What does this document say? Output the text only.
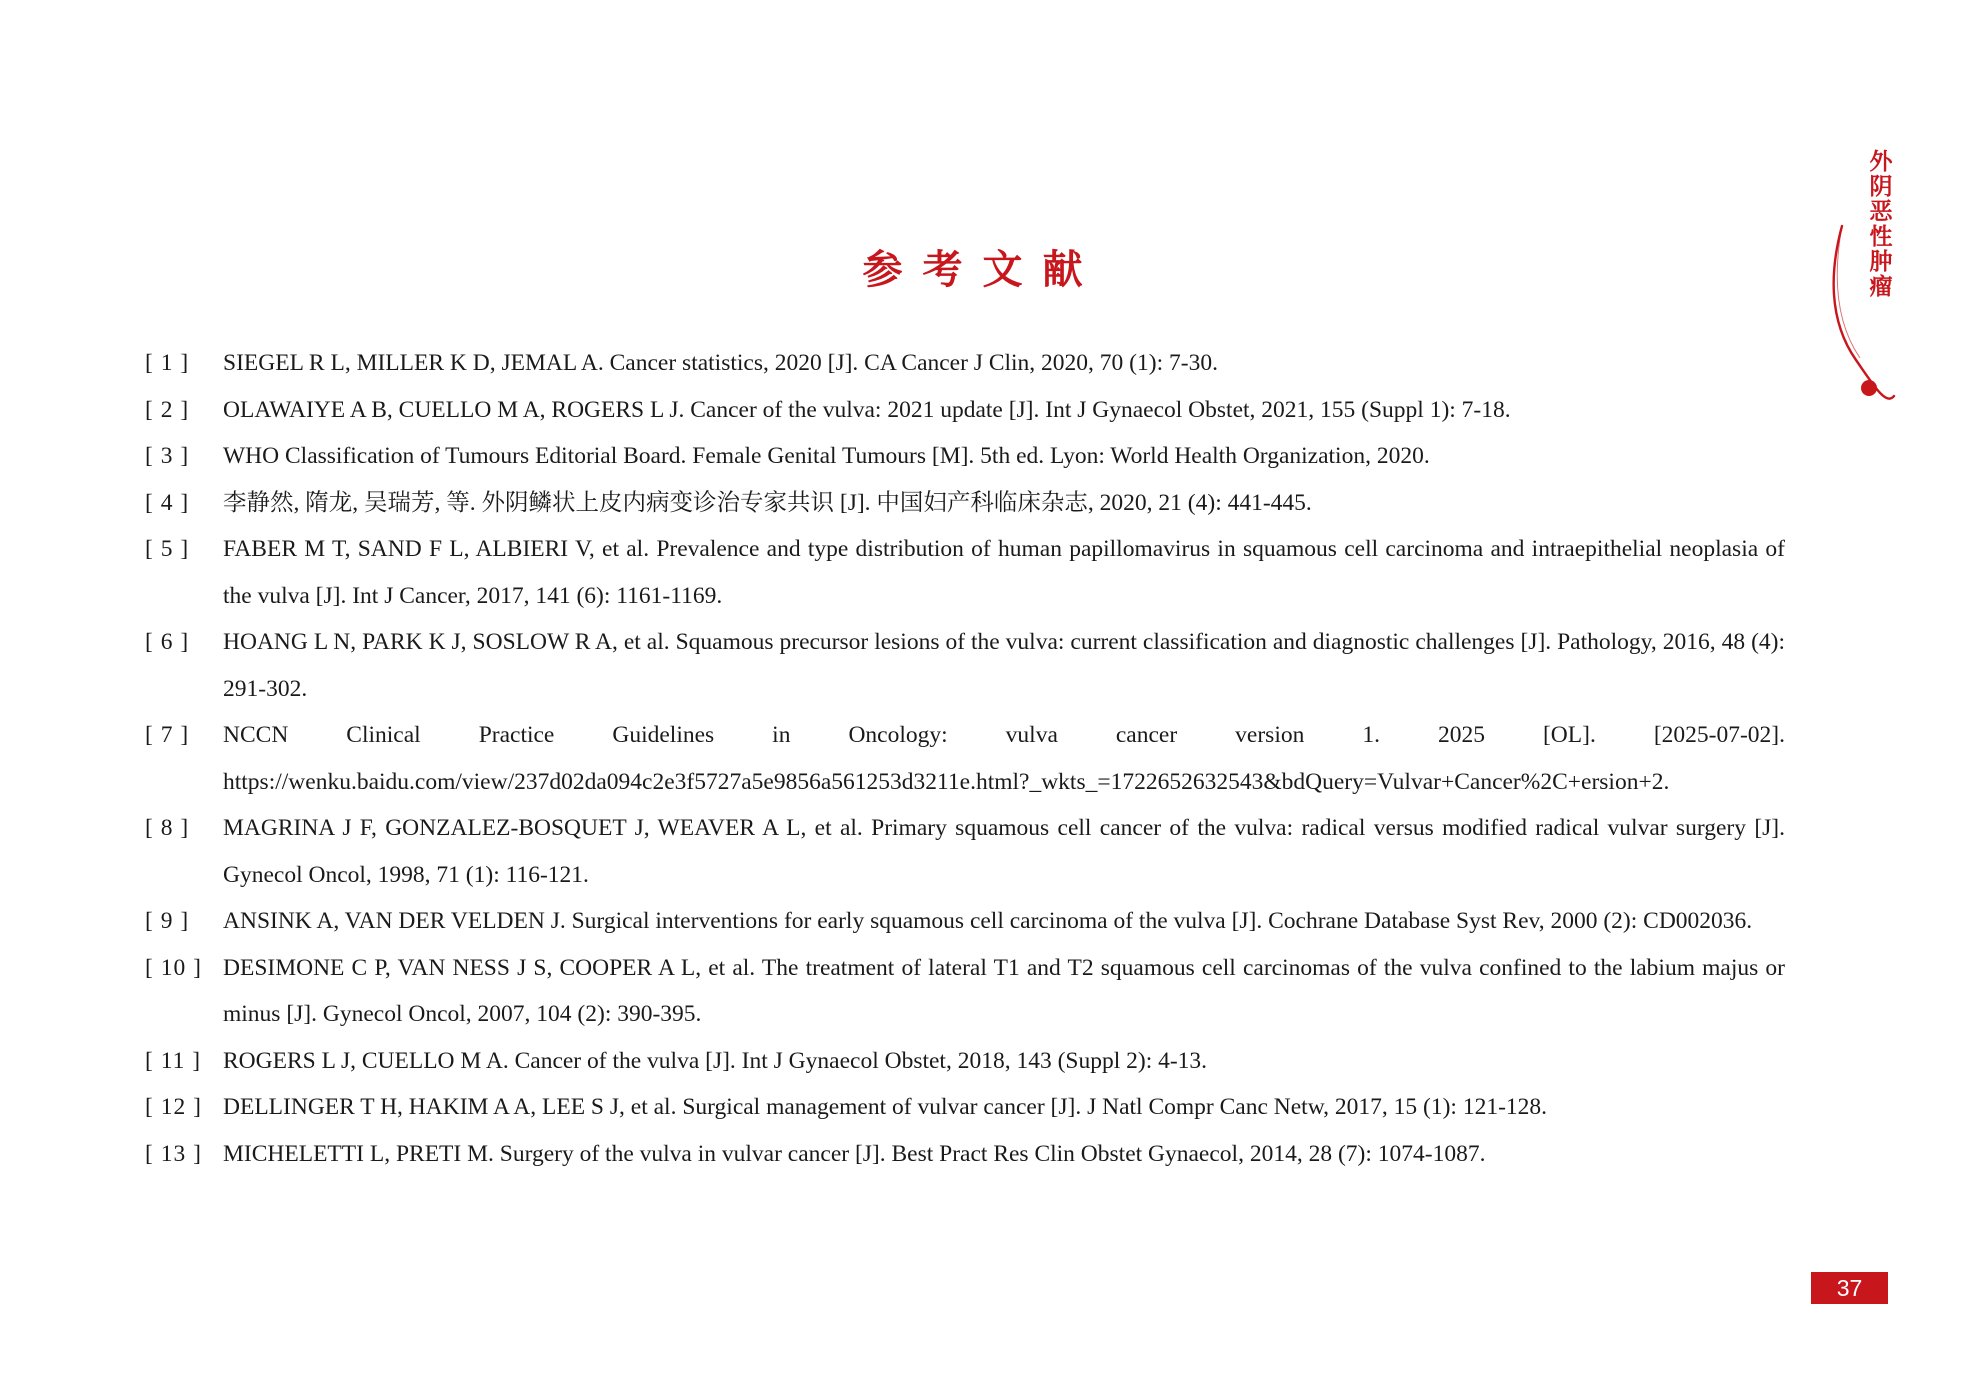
外阴恶性肿瘤
参考文献
[ 1 ]	SIEGEL R L, MILLER K D, JEMAL A. Cancer statistics, 2020 [J]. CA Cancer J Clin, 2020, 70 (1): 7-30.
[ 2 ]	OLAWAIYE A B, CUELLO M A, ROGERS L J. Cancer of the vulva: 2021 update [J]. Int J Gynaecol Obstet, 2021, 155 (Suppl 1): 7-18.
[ 3 ]	WHO Classification of Tumours Editorial Board. Female Genital Tumours [M]. 5th ed. Lyon: World Health Organization, 2020.
[ 4 ]	李静然, 隋龙, 吴瑞芳, 等. 外阴鳞状上皮内病变诊治专家共识 [J]. 中国妇产科临床杂志, 2020, 21 (4): 441-445.
[ 5 ]	FABER M T, SAND F L, ALBIERI V, et al. Prevalence and type distribution of human papillomavirus in squamous cell carcinoma and intraepithelial neoplasia of the vulva [J]. Int J Cancer, 2017, 141 (6): 1161-1169.
[ 6 ]	HOANG L N, PARK K J, SOSLOW R A, et al. Squamous precursor lesions of the vulva: current classification and diagnostic challenges [J]. Pathology, 2016, 48 (4): 291-302.
[ 7 ]	NCCN Clinical Practice Guidelines in Oncology: vulva cancer version 1. 2025 [OL]. [2025-07-02]. https://wenku.baidu.com/view/237d02da094c2e3f5727a5e9856a561253d3211e.html?_wkts_=1722652632543&bdQuery=Vulvar+Cancer%2C+ersion+2.
[ 8 ]	MAGRINA J F, GONZALEZ-BOSQUET J, WEAVER A L, et al. Primary squamous cell cancer of the vulva: radical versus modified radical vulvar surgery [J]. Gynecol Oncol, 1998, 71 (1): 116-121.
[ 9 ]	ANSINK A, VAN DER VELDEN J. Surgical interventions for early squamous cell carcinoma of the vulva [J]. Cochrane Database Syst Rev, 2000 (2): CD002036.
[ 10 ] DESIMONE C P, VAN NESS J S, COOPER A L, et al. The treatment of lateral T1 and T2 squamous cell carcinomas of the vulva confined to the labium majus or minus [J]. Gynecol Oncol, 2007, 104 (2): 390-395.
[ 11 ] ROGERS L J, CUELLO M A. Cancer of the vulva [J]. Int J Gynaecol Obstet, 2018, 143 (Suppl 2): 4-13.
[ 12 ] DELLINGER T H, HAKIM A A, LEE S J, et al. Surgical management of vulvar cancer [J]. J Natl Compr Canc Netw, 2017, 15 (1): 121-128.
[ 13 ] MICHELETTI L, PRETI M. Surgery of the vulva in vulvar cancer [J]. Best Pract Res Clin Obstet Gynaecol, 2014, 28 (7): 1074-1087.
37
